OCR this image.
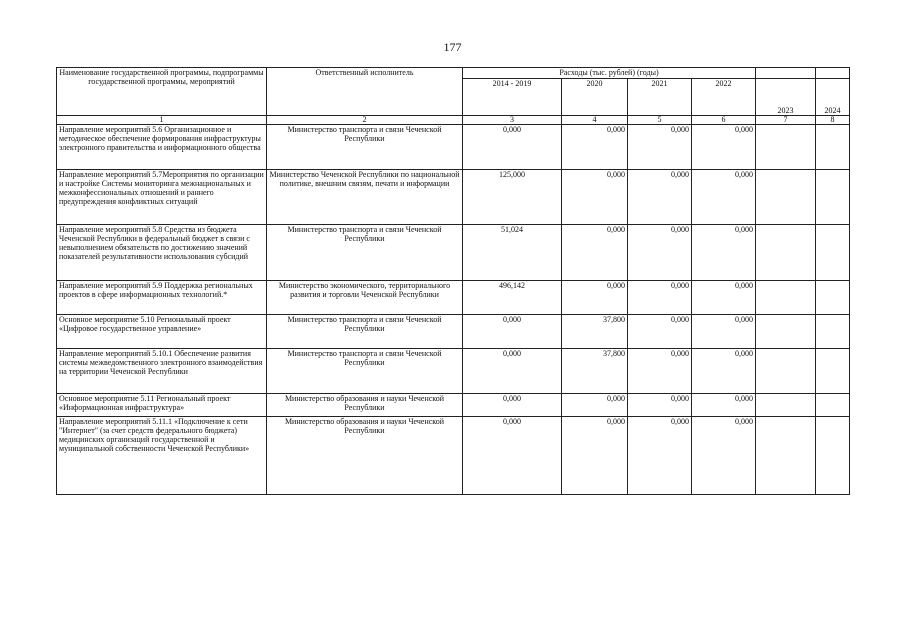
177
Наименование государственной программы, подпрограммы государственной программы, мероприятий	Ответственный исполнитель	Расходы (тыс. рублей) (годы)					
		2014 - 2019	2020	2021	2022	2023	2024
1	2	3	4	5	6	7	8
Направление мероприятий 5.6 Организационное и методическое обеспечение формирования инфраструктуры электронного правительства и информационного общества	Министерство транспорта и связи Чеченской Республики	0,000	0,000	0,000	0,000		
Направление мероприятий 5.7Мероприятия по организации и настройке Системы мониторинга межнациональных и межконфессиональных отношений и раннего предупреждения конфликтных ситуаций	Министерство Чеченской Республики по национальной политике, внешним связям, печати и информации	125,000	0,000	0,000	0,000		
Направление мероприятий 5.8 Средства из бюджета Чеченской Республики в федеральный бюджет в связи с невыполнением обязательств по достижению значений показателей результативности использования субсидий	Министерство транспорта и связи Чеченской Республики	51,024	0,000	0,000	0,000		
Направление мероприятий 5.9 Поддержка региональных проектов в сфере информационных технологий.*	Министерство экономического, территориального развития и торговли Чеченской Республики	496,142	0,000	0,000	0,000		
Основное мероприятие 5.10 Региональный проект «Цифровое государственное управление»	Министерство транспорта и связи Чеченской Республики	0,000	37,800	0,000	0,000		
Направление мероприятий 5.10.1 Обеспечение развития системы межведомственного электронного взаимодействия на территории Чеченской Республики	Министерство транспорта и связи Чеченской Республики	0,000	37,800	0,000	0,000		
Основное мероприятие 5.11 Региональный проект «Информационная инфраструктура»	Министерство образования и науки Чеченской Республики	0,000	0,000	0,000	0,000		
Направление мероприятий 5.11.1 «Подключение к сети "Интернет" (за счет средств федерального бюджета) медицинских организаций государственной и муниципальной собственности Чеченской Республики»	Министерство образования и науки Чеченской Республики	0,000	0,000	0,000	0,000		
